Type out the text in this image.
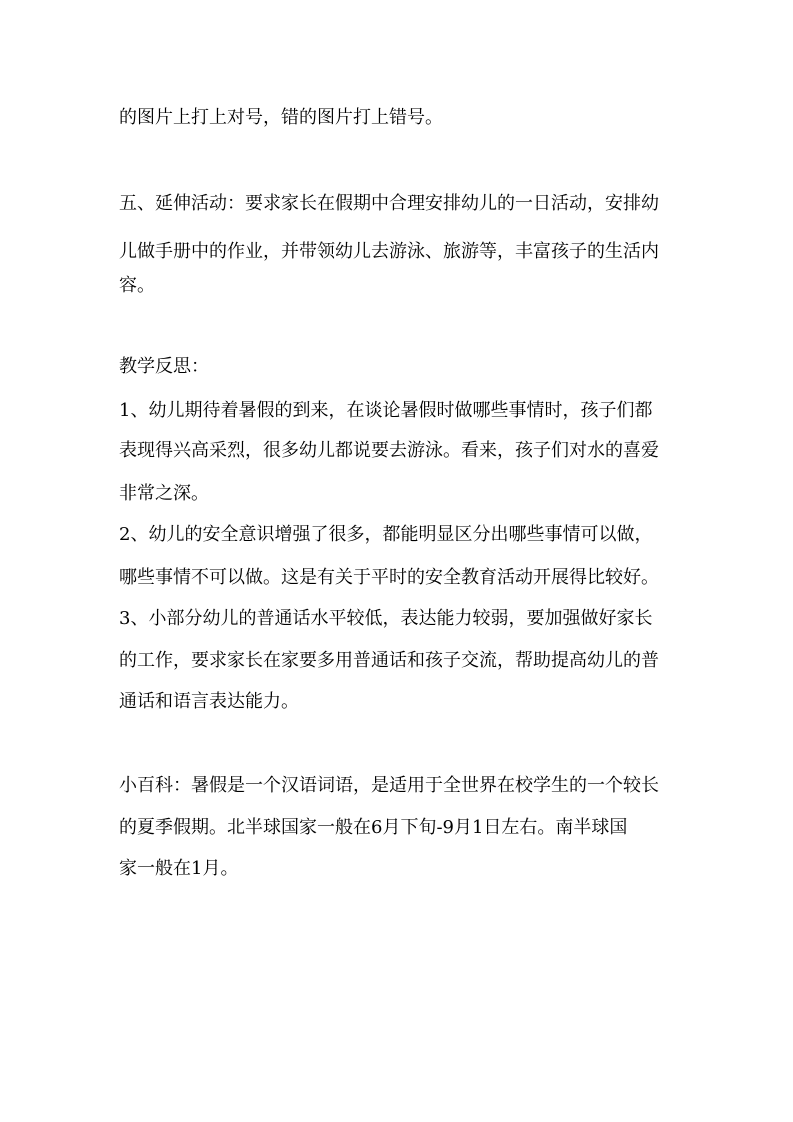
的图片上打上对号，错的图片打上错号。

五、延伸活动：要求家长在假期中合理安排幼儿的一日活动，安排幼

儿做手册中的作业，并带领幼儿去游泳、旅游等，丰富孩子的生活内

容。

教学反思：

1、幼儿期待着暑假的到来，在谈论暑假时做哪些事情时，孩子们都

表现得兴高采烈，很多幼儿都说要去游泳。看来，孩子们对水的喜爱

非常之深。

2、幼儿的安全意识增强了很多，都能明显区分出哪些事情可以做，

哪些事情不可以做。这是有关于平时的安全教育活动开展得比较好。

3、小部分幼儿的普通话水平较低，表达能力较弱，要加强做好家长

的工作，要求家长在家要多用普通话和孩子交流，帮助提高幼儿的普

通话和语言表达能力。

小百科：暑假是一个汉语词语，是适用于全世界在校学生的一个较长

的夏季假期。北半球国家一般在6月下旬-9月1日左右。南半球国

家一般在1月。
